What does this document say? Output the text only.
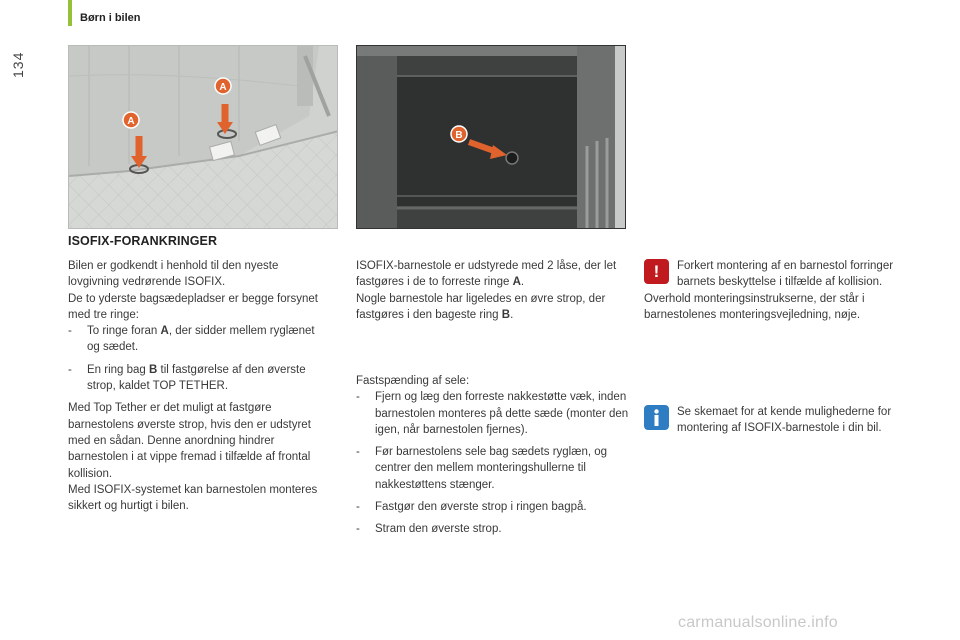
Børn i bilen
134
A
A
B
ISOFIX-FORANKRINGER

Bilen er godkendt i henhold til den nyeste lovgivning vedrørende ISOFIX.

De to yderste bagsædepladser er begge forsynet med tre ringe:

- To ringe foran A, der sidder mellem ryglænet og sædet.
- En ring bag B til fastgørelse af den øverste strop, kaldet TOP TETHER.

Med Top Tether er det muligt at fastgøre barnestolens øverste strop, hvis den er udstyret med en sådan. Denne anordning hindrer barnestolen i at vippe fremad i tilfælde af frontal kollision.

Med ISOFIX-systemet kan barnestolen monteres sikkert og hurtigt i bilen.

ISOFIX-barnestole er udstyrede med 2 låse, der let fastgøres i de to forreste ringe A.

Nogle barnestole har ligeledes en øvre strop, der fastgøres i den bageste ring B.

Fastspænding af sele:

- Fjern og læg den forreste nakkestøtte væk, inden barnestolen monteres på dette sæde (monter den igen, når barnestolen fjernes).
- Før barnestolens sele bag sædets ryglæn, og centrer den mellem monteringshullerne til nakkestøttens stænger.
- Fastgør den øverste strop i ringen bagpå.
- Stram den øverste strop.
!	Forkert montering af en barnestol forringer barnets beskyttelse i tilfælde af kollision.

Overhold monteringsinstrukserne, der står i barnestolenes monteringsvejledning, nøje.

Se skemaet for at kende mulighederne for montering af ISOFIX-barnestole i din bil.

carmanualsonline.info
